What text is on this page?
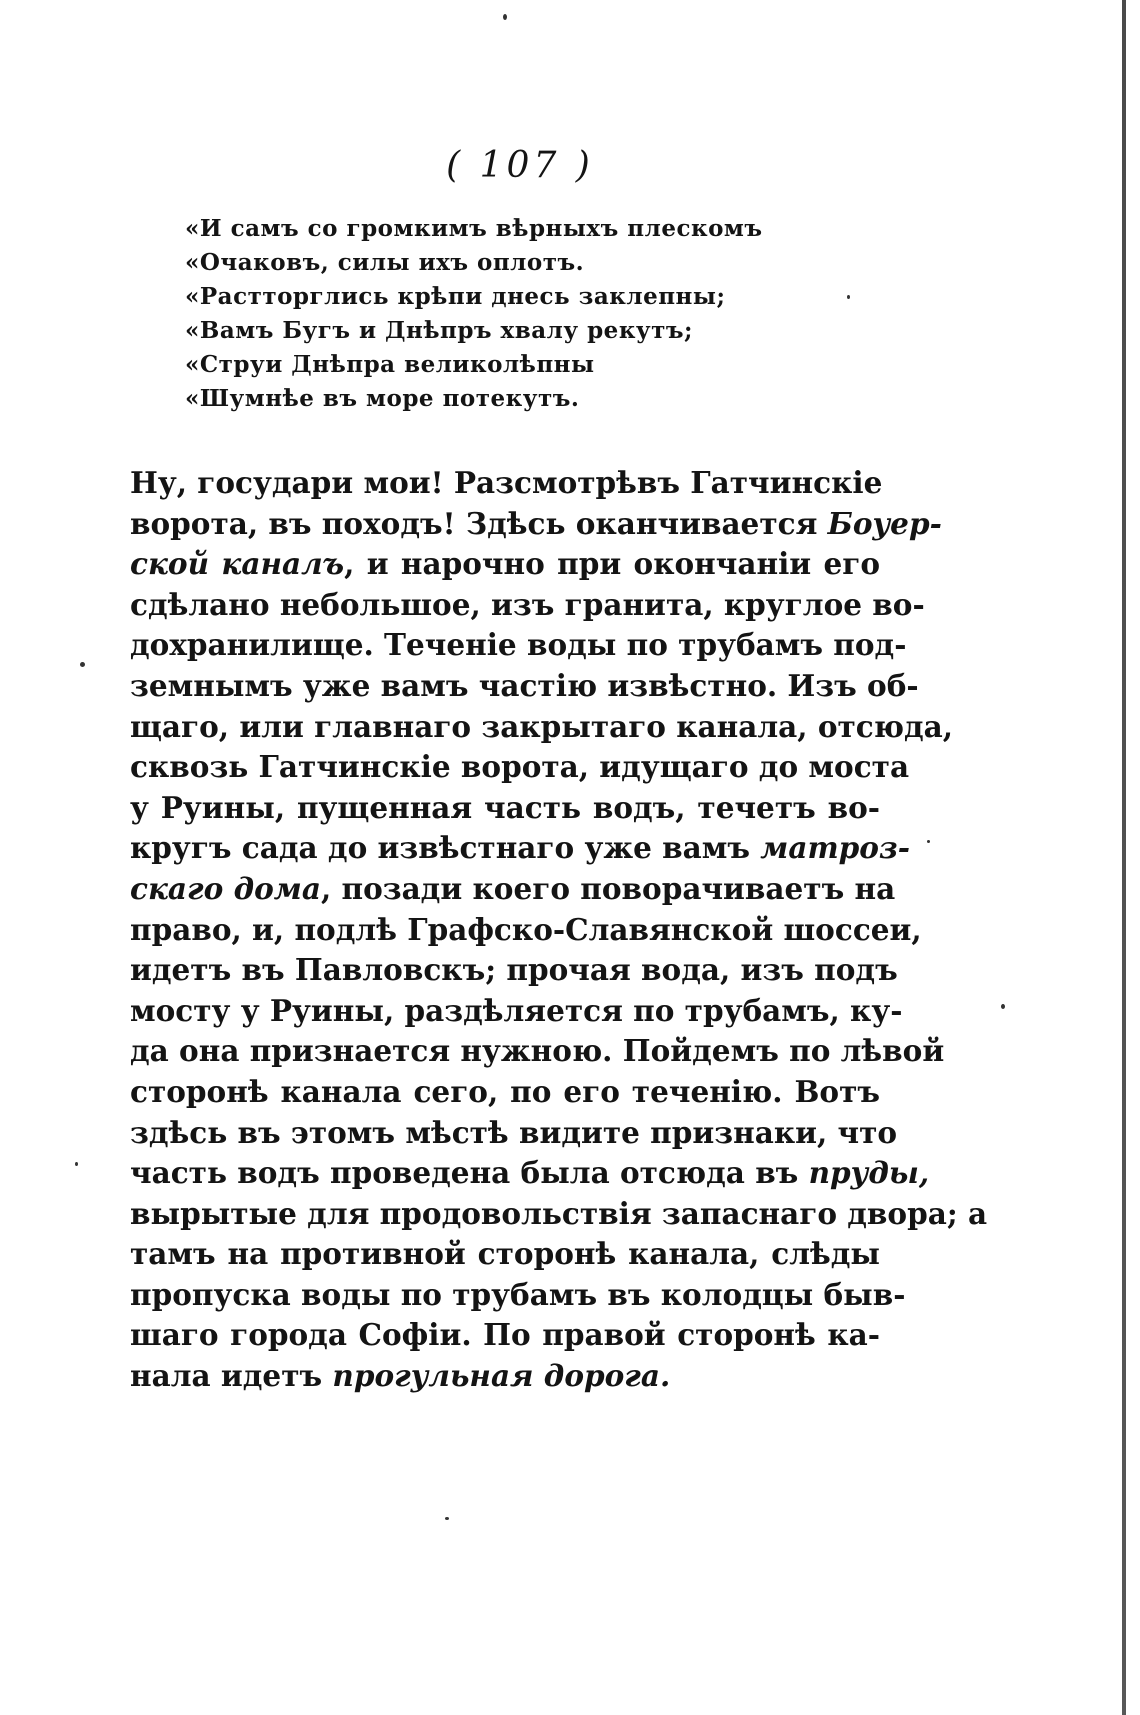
( 107 )
«И самъ со громкимъ вѣрныхъ плескомъ
«Очаковъ, силы ихъ оплотъ.
«Растторглись крѣпи днесь заклепны;
«Вамъ Бугъ и Днѣпръ хвалу рекутъ;
«Струи Днѣпра великолѣпны
«Шумнѣе въ море потекутъ.
Ну, государи мои! Разсмотрѣвъ Гатчинскіе
ворота, въ походъ! Здѣсь оканчивается Боуер-
ской каналъ, и нарочно при окончаніи его
сдѣлано небольшое, изъ гранита, круглое во-
дохранилище. Теченіе воды по трубамъ под-
земнымъ уже вамъ частію извѣстно. Изъ об-
щаго, или главнаго закрытаго канала, отсюда,
сквозь Гатчинскіе ворота, идущаго до моста
у Руины, пущенная часть водъ, течетъ во-
кругъ сада до извѣстнаго уже вамъ матроз-
скаго дома, позади коего поворачиваетъ на
право, и, подлѣ Графско-Славянской шоссеи,
идетъ въ Павловскъ; прочая вода, изъ подъ
мосту у Руины, раздѣляется по трубамъ, ку-
да она признается нужною. Пойдемъ по лѣвой
сторонѣ канала сего, по его теченію. Вотъ
здѣсь въ этомъ мѣстѣ видите признаки, что
часть водъ проведена была отсюда въ пруды,
вырытые для продовольствія запаснаго двора; а
тамъ на противной сторонѣ канала, слѣды
пропуска воды по трубамъ въ колодцы быв-
шаго города Софіи. По правой сторонѣ ка-
нала идетъ прогульная дорога.
